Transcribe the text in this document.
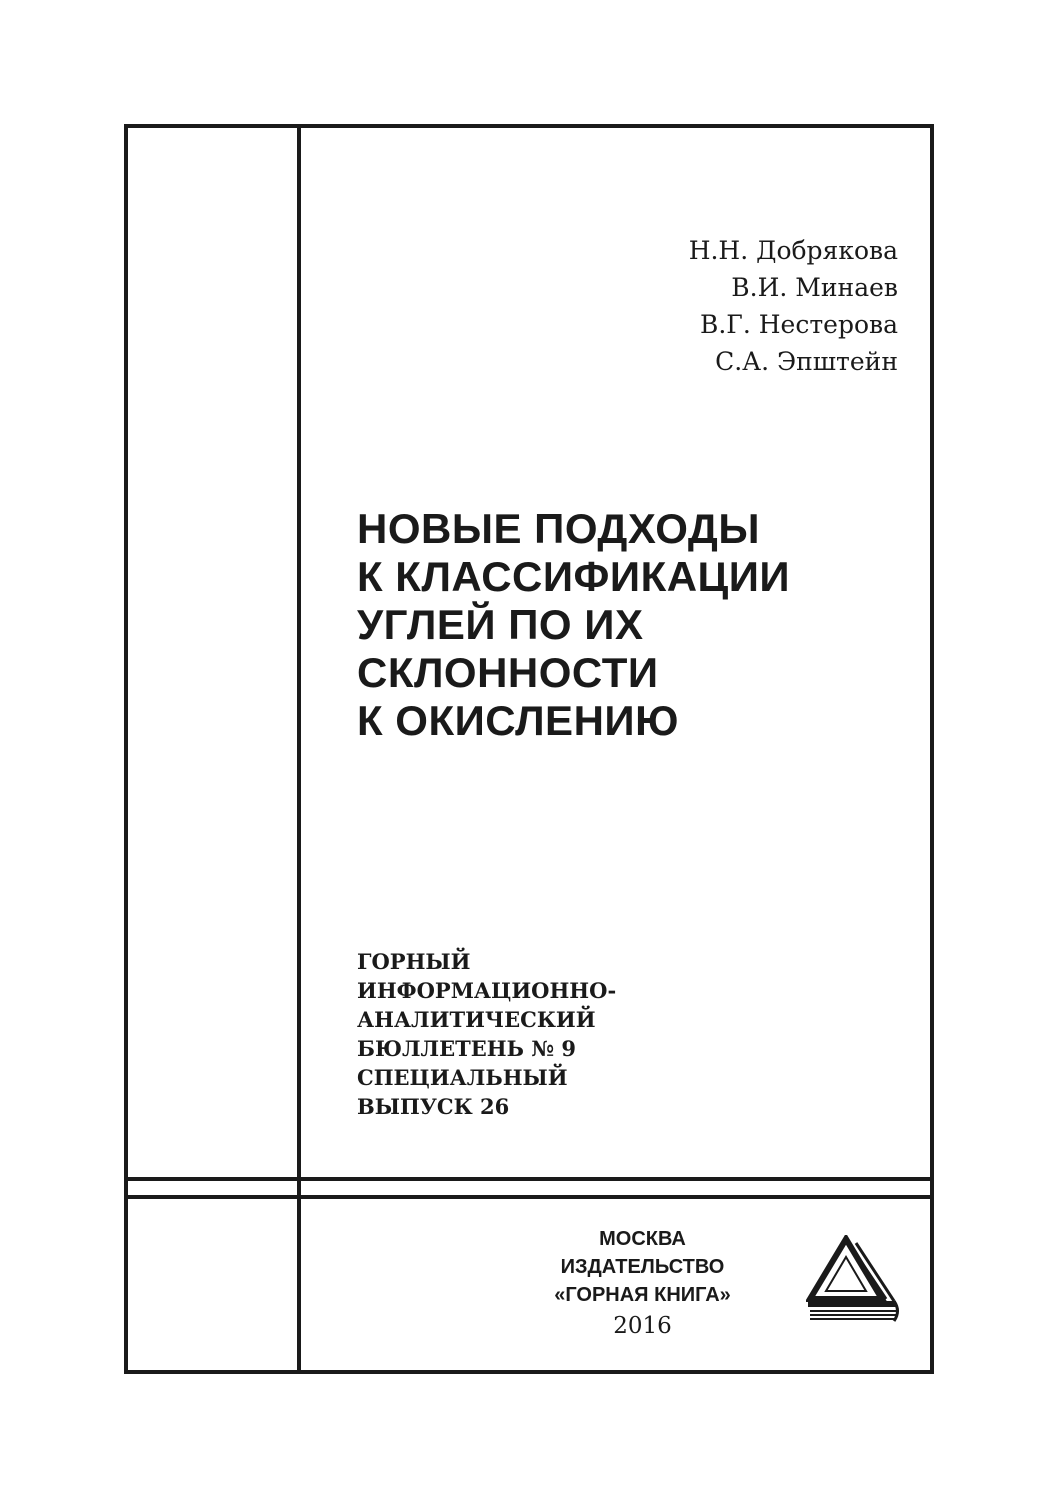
Н.Н. Добрякова
В.И. Минаев
В.Г. Нестерова
С.А. Эпштейн
НОВЫЕ ПОДХОДЫ
К КЛАССИФИКАЦИИ
УГЛЕЙ ПО ИХ
СКЛОННОСТИ
К ОКИСЛЕНИЮ
ГОРНЫЙ
ИНФОРМАЦИОННО-
АНАЛИТИЧЕСКИЙ
БЮЛЛЕТЕНЬ № 9
СПЕЦИАЛЬНЫЙ
ВЫПУСК 26
МОСКВА
ИЗДАТЕЛЬСТВО
«ГОРНАЯ КНИГА»
2016
